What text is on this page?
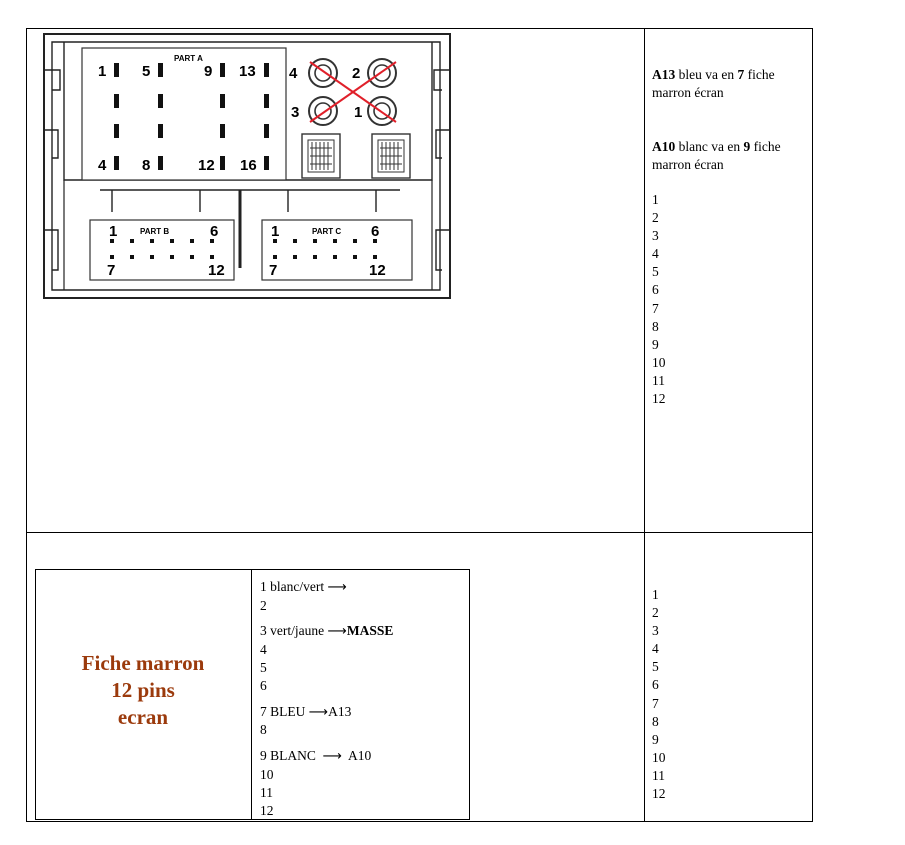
PART A
1 5	9 13
4 8	12 16
4	2
3	1
PART B
1	6
7	12
PART C
1	6
7	12
A13 bleu va en 7 fiche
marron écran
A10 blanc va en 9 fiche
marron écran
1
2
3
4
5
6
7
8
9
10
11
12
Fiche marron
12 pins
ecran
1 blanc/vert ⟶
2
3 vert/jaune ⟶MASSE
4
5
6
7 BLEU ⟶A13
8
9 BLANC  ⟶  A10
10
11
12
1
2
3
4
5
6
7
8
9
10
11
12
